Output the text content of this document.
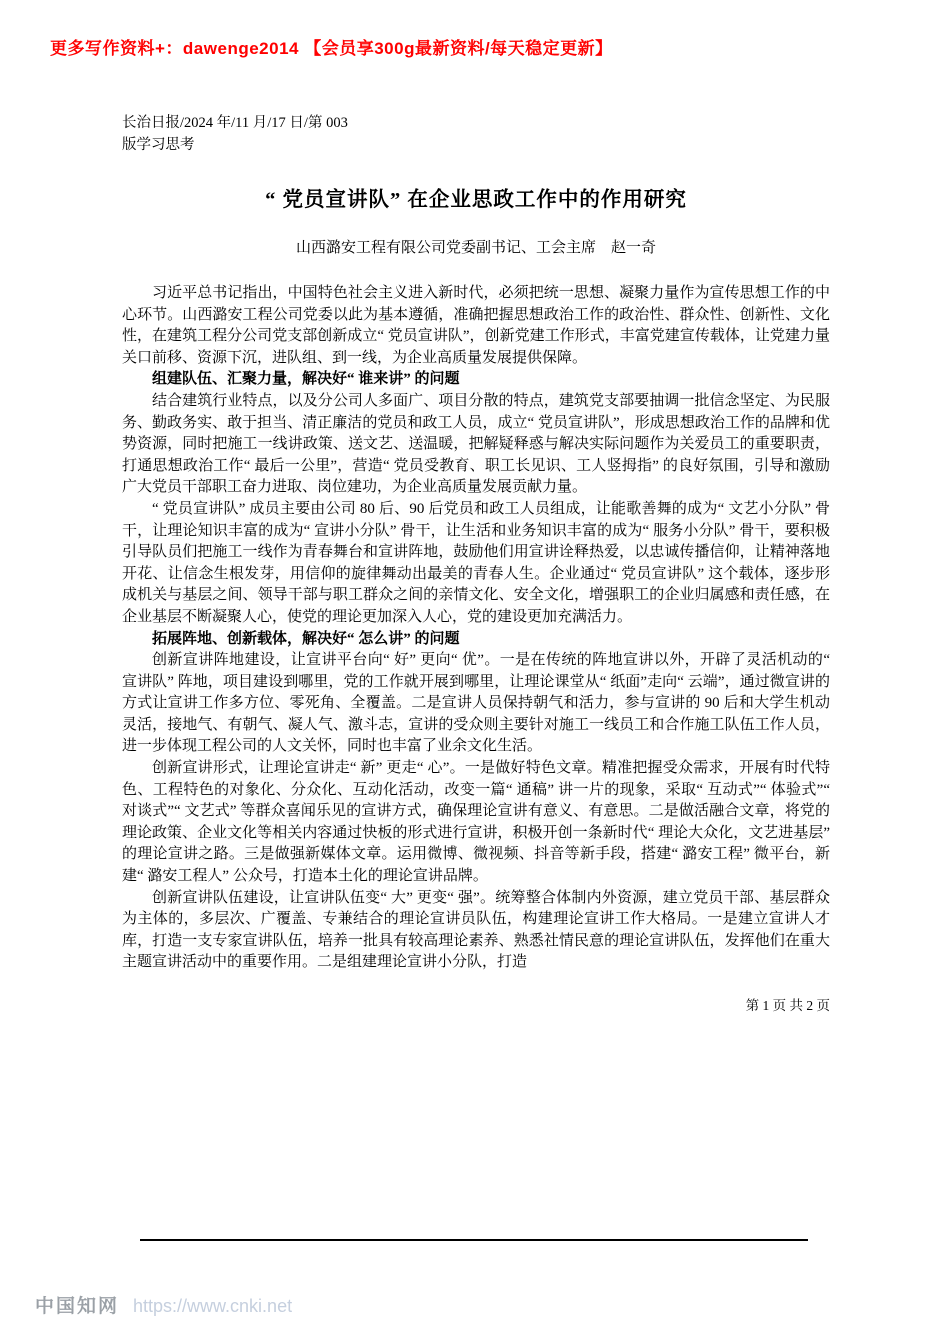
更多写作资料+：dawenge2014 【会员享300g最新资料/每天稳定更新】
长治日报/2024 年/11 月/17 日/第 003
版学习思考
“ 党员宣讲队” 在企业思政工作中的作用研究
山西潞安工程有限公司党委副书记、工会主席　赵一奇

习近平总书记指出，中国特色社会主义进入新时代，必须把统一思想、凝聚力量作为宣传思想工作的中心环节。山西潞安工程公司党委以此为基本遵循，准确把握思想政治工作的政治性、群众性、创新性、文化性，在建筑工程分公司党支部创新成立“ 党员宣讲队”，创新党建工作形式，丰富党建宣传载体，让党建力量关口前移、资源下沉，进队组、到一线，为企业高质量发展提供保障。

组建队伍、汇聚力量，解决好“ 谁来讲” 的问题

结合建筑行业特点，以及分公司人多面广、项目分散的特点，建筑党支部要抽调一批信念坚定、为民服务、勤政务实、敢于担当、清正廉洁的党员和政工人员，成立“ 党员宣讲队”，形成思想政治工作的品牌和优势资源，同时把施工一线讲政策、送文艺、送温暖，把解疑释惑与解决实际问题作为关爱员工的重要职责，打通思想政治工作“ 最后一公里”，营造“ 党员受教育、职工长见识、工人竖拇指” 的良好氛围，引导和激励广大党员干部职工奋力进取、岗位建功，为企业高质量发展贡献力量。

“ 党员宣讲队” 成员主要由公司 80 后、90 后党员和政工人员组成，让能歌善舞的成为“ 文艺小分队” 骨干，让理论知识丰富的成为“ 宣讲小分队” 骨干，让生活和业务知识丰富的成为“ 服务小分队” 骨干，要积极引导队员们把施工一线作为青春舞台和宣讲阵地，鼓励他们用宣讲诠释热爱，以忠诚传播信仰，让精神落地开花、让信念生根发芽，用信仰的旋律舞动出最美的青春人生。企业通过“ 党员宣讲队” 这个载体，逐步形成机关与基层之间、领导干部与职工群众之间的亲情文化、安全文化，增强职工的企业归属感和责任感，在企业基层不断凝聚人心，使党的理论更加深入人心，党的建设更加充满活力。

拓展阵地、创新载体，解决好“ 怎么讲” 的问题

创新宣讲阵地建设，让宣讲平台向“ 好” 更向“ 优”。一是在传统的阵地宣讲以外，开辟了灵活机动的“ 宣讲队” 阵地，项目建设到哪里，党的工作就开展到哪里，让理论课堂从“ 纸面”走向“ 云端”，通过微宣讲的方式让宣讲工作多方位、零死角、全覆盖。二是宣讲人员保持朝气和活力，参与宣讲的 90 后和大学生机动灵活，接地气、有朝气、凝人气、激斗志，宣讲的受众则主要针对施工一线员工和合作施工队伍工作人员，进一步体现工程公司的人文关怀，同时也丰富了业余文化生活。

创新宣讲形式，让理论宣讲走“ 新” 更走“ 心”。一是做好特色文章。精准把握受众需求，开展有时代特色、工程特色的对象化、分众化、互动化活动，改变一篇“ 通稿” 讲一片的现象，采取“ 互动式”“ 体验式”“ 对谈式”“ 文艺式” 等群众喜闻乐见的宣讲方式，确保理论宣讲有意义、有意思。二是做活融合文章，将党的理论政策、企业文化等相关内容通过快板的形式进行宣讲，积极开创一条新时代“ 理论大众化，文艺进基层” 的理论宣讲之路。三是做强新媒体文章。运用微博、微视频、抖音等新手段，搭建“ 潞安工程” 微平台，新建“ 潞安工程人” 公众号，打造本土化的理论宣讲品牌。

创新宣讲队伍建设，让宣讲队伍变“ 大” 更变“ 强”。统筹整合体制内外资源，建立党员干部、基层群众为主体的，多层次、广覆盖、专兼结合的理论宣讲员队伍，构建理论宣讲工作大格局。一是建立宣讲人才库，打造一支专家宣讲队伍，培养一批具有较高理论素养、熟悉社情民意的理论宣讲队伍，发挥他们在重大主题宣讲活动中的重要作用。二是组建理论宣讲小分队，打造

第 1 页 共 2 页
中国知网 https://www.cnki.net
